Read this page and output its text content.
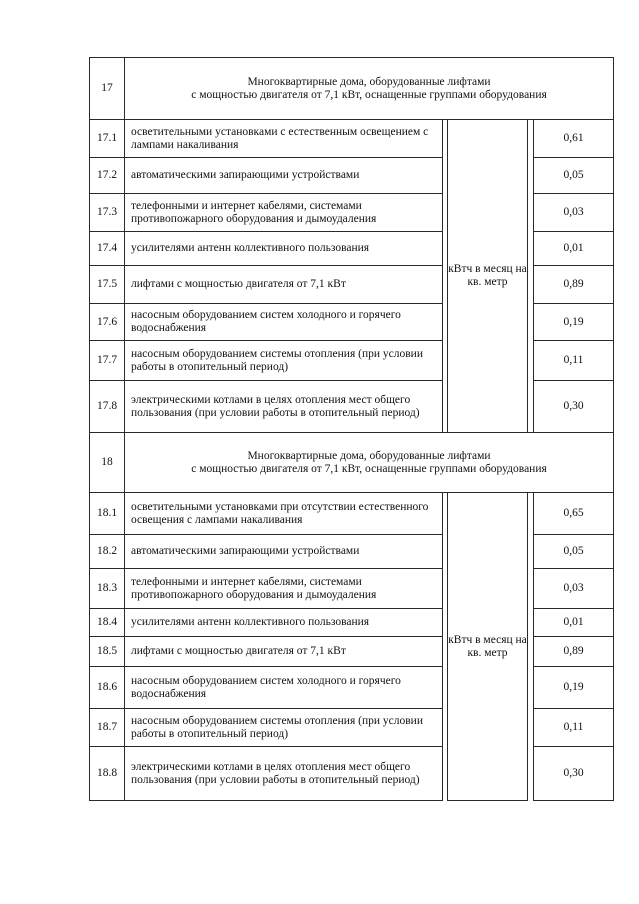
17	Многоквартирные дома, оборудованные лифтами
с мощностью двигателя от 7,1 кВт, оснащенные группами оборудования				

17.1	осветительными установками с естественным освещением с лампами накаливания		кВтч в месяц на кв. метр		0,61
17.2	автоматическими запирающими устройствами				0,05
17.3	телефонными и интернет кабелями, системами противопожарного оборудования и дымоудаления				0,03
17.4	усилителями антенн коллективного пользования				0,01
17.5	лифтами с мощностью двигателя от 7,1 кВт				0,89
17.6	насосным оборудованием систем холодного и горячего водоснабжения				0,19
17.7	насосным оборудованием системы отопления (при условии работы в отопительный период)				0,11
17.8	электрическими котлами в целях отопления мест общего пользования (при условии работы в отопительный период)				0,30
18	Многоквартирные дома, оборудованные лифтами
с мощностью двигателя от 7,1 кВт, оснащенные группами оборудования				

18.1	осветительными установками при отсутствии естественного освещения с лампами накаливания		кВтч в месяц на кв. метр		0,65
18.2	автоматическими запирающими устройствами				0,05
18.3	телефонными и интернет кабелями, системами противопожарного оборудования и дымоудаления				0,03
18.4	усилителями антенн коллективного пользования				0,01
18.5	лифтами с мощностью двигателя от 7,1 кВт				0,89
18.6	насосным оборудованием систем холодного и горячего водоснабжения				0,19
18.7	насосным оборудованием системы отопления (при условии работы в отопительный период)				0,11
18.8	электрическими котлами в целях отопления мест общего пользования (при условии работы в отопительный период)				0,30
